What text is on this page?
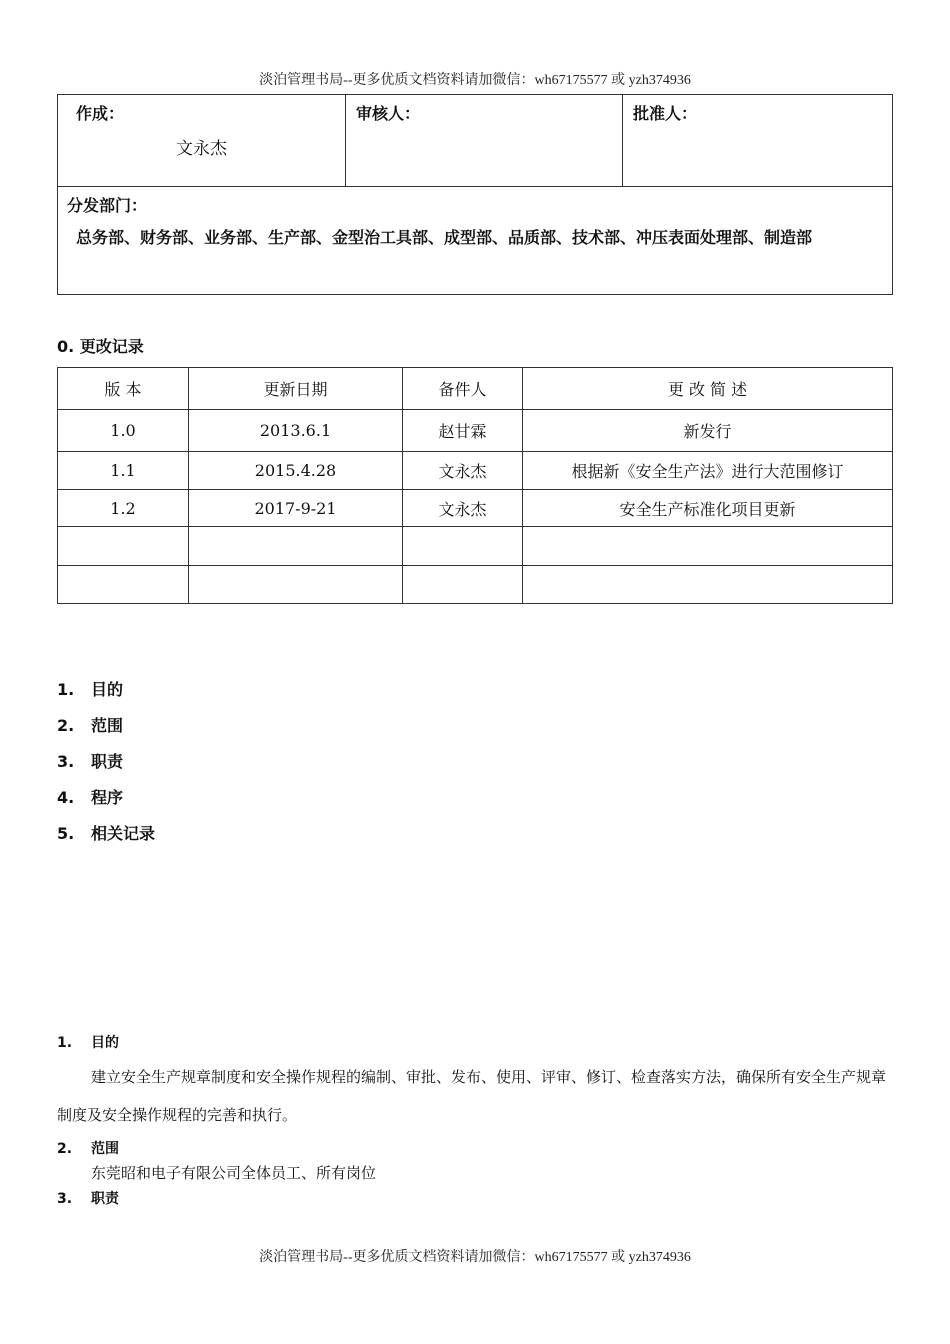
淡泊管理书局--更多优质文档资料请加微信：wh67175577 或 yzh374936
作成：
文永杰

审核人：	批准人：

分发部门：
总务部、财务部、业务部、生产部、金型治工具部、成型部、品质部、技术部、冲压表面处理部、制造部
0. 更改记录
版 本	更新日期	备件人	更 改 简 述
1.0	2013.6.1	赵甘霖	新发行
1.1	2015.4.28	文永杰	根据新《安全生产法》进行大范围修订
1.2	2017-9-21	文永杰	安全生产标准化项目更新

1. 目的
2. 范围
3. 职责
4. 程序
5. 相关记录
1. 目的
建立安全生产规章制度和安全操作规程的编制、审批、发布、使用、评审、修订、检查落实方法，确保所有安全生产规章制度及安全操作规程的完善和执行。
2. 范围
东莞昭和电子有限公司全体员工、所有岗位
3. 职责
淡泊管理书局--更多优质文档资料请加微信：wh67175577 或 yzh374936
